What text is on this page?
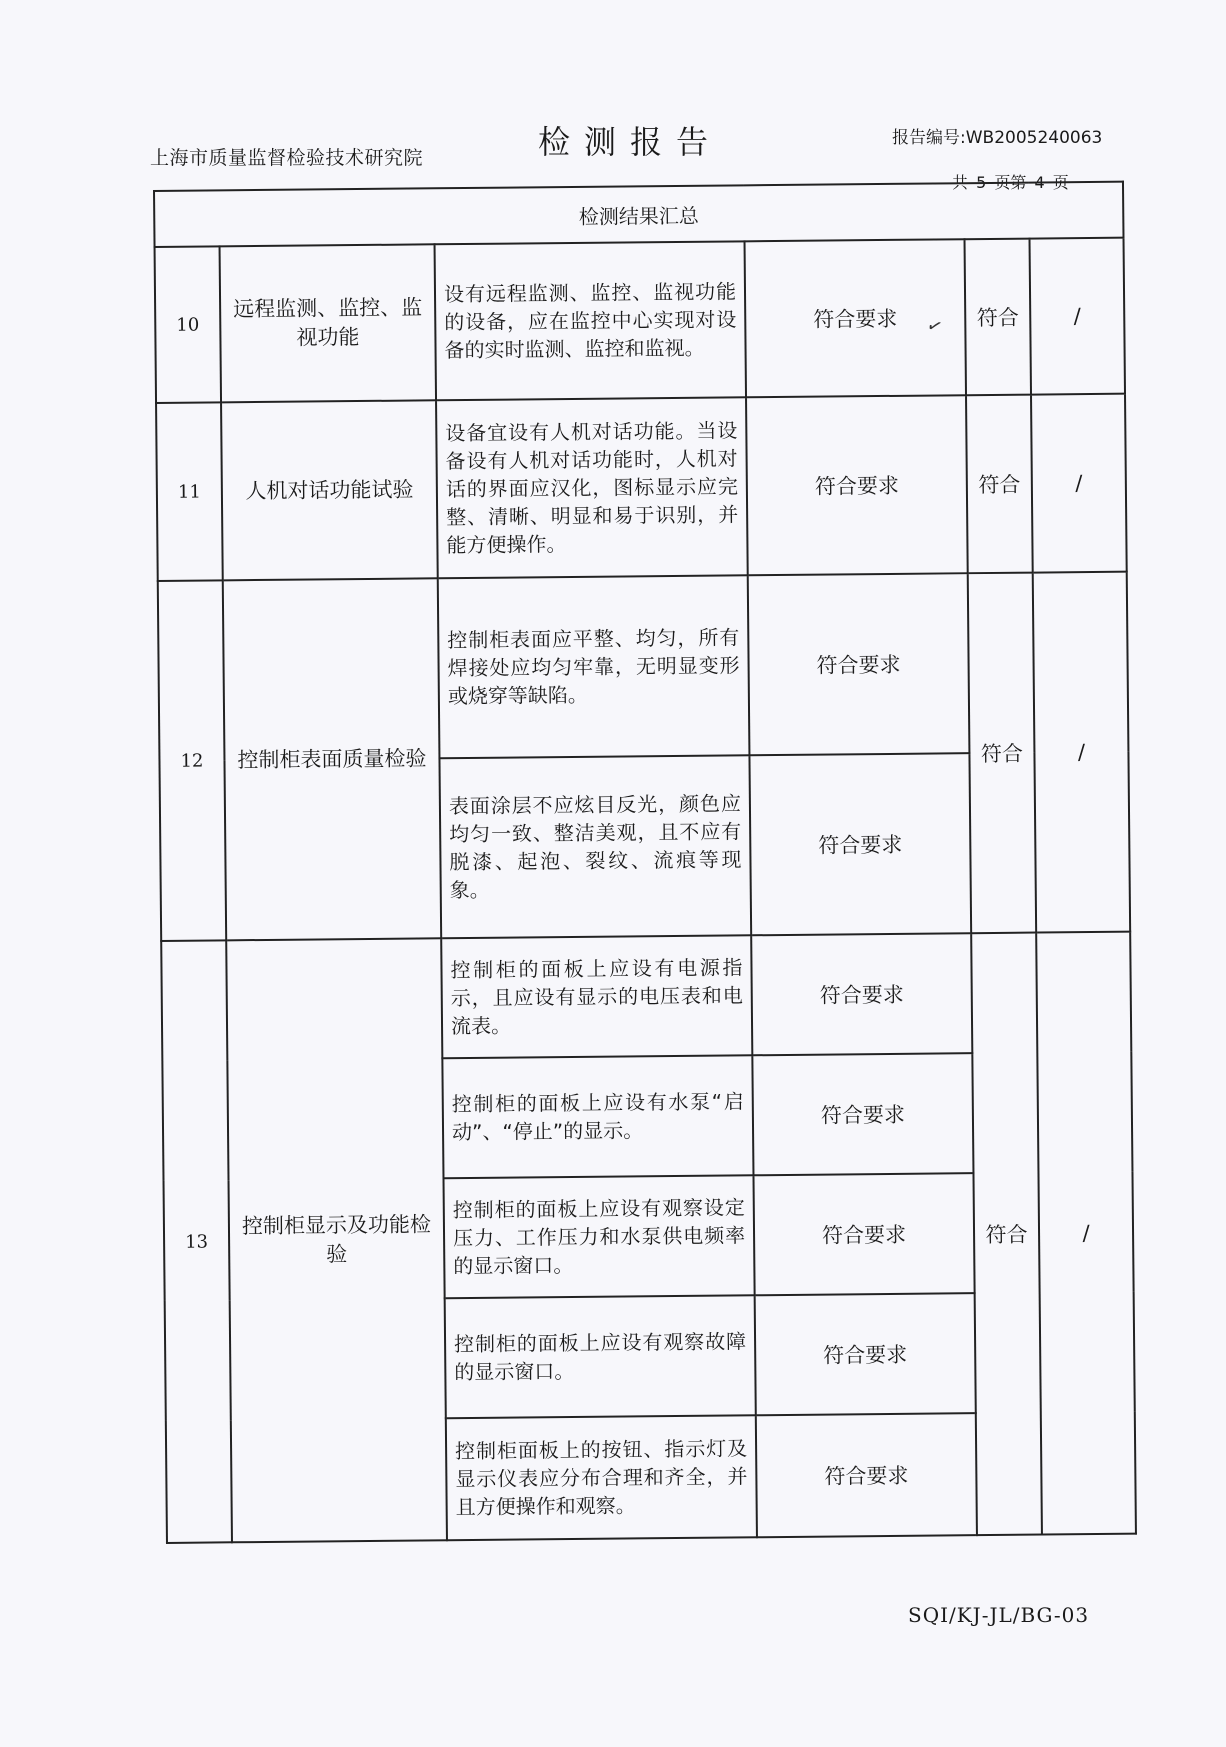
上海市质量监督检验技术研究院	检测报告	报告编号:WB2005240063
共 5 页第 4 页
检测结果汇总					
10	远程监测、监控、监视功能	设有远程监测、监控、监视功能的设备，应在监控中心实现对设备的实时监测、监控和监视。	符合要求	符合	/
11	人机对话功能试验	设备宜设有人机对话功能。当设备设有人机对话功能时，人机对话的界面应汉化，图标显示应完整、清晰、明显和易于识别，并能方便操作。	符合要求	符合	/
12	控制柜表面质量检验	控制柜表面应平整、均匀，所有焊接处应均匀牢靠，无明显变形或烧穿等缺陷。	符合要求	符合	/
		表面涂层不应炫目反光，颜色应均匀一致、整洁美观，且不应有脱漆、起泡、裂纹、流痕等现象。	符合要求		
13	控制柜显示及功能检验	控制柜的面板上应设有电源指示，且应设有显示的电压表和电流表。	符合要求	符合	/
		控制柜的面板上应设有水泵“启动”、“停止”的显示。	符合要求		
		控制柜的面板上应设有观察设定压力、工作压力和水泵供电频率的显示窗口。	符合要求		
		控制柜的面板上应设有观察故障的显示窗口。	符合要求		
		控制柜面板上的按钮、指示灯及显示仪表应分布合理和齐全，并且方便操作和观察。	符合要求		
✓
SQI/KJ-JL/BG-03
